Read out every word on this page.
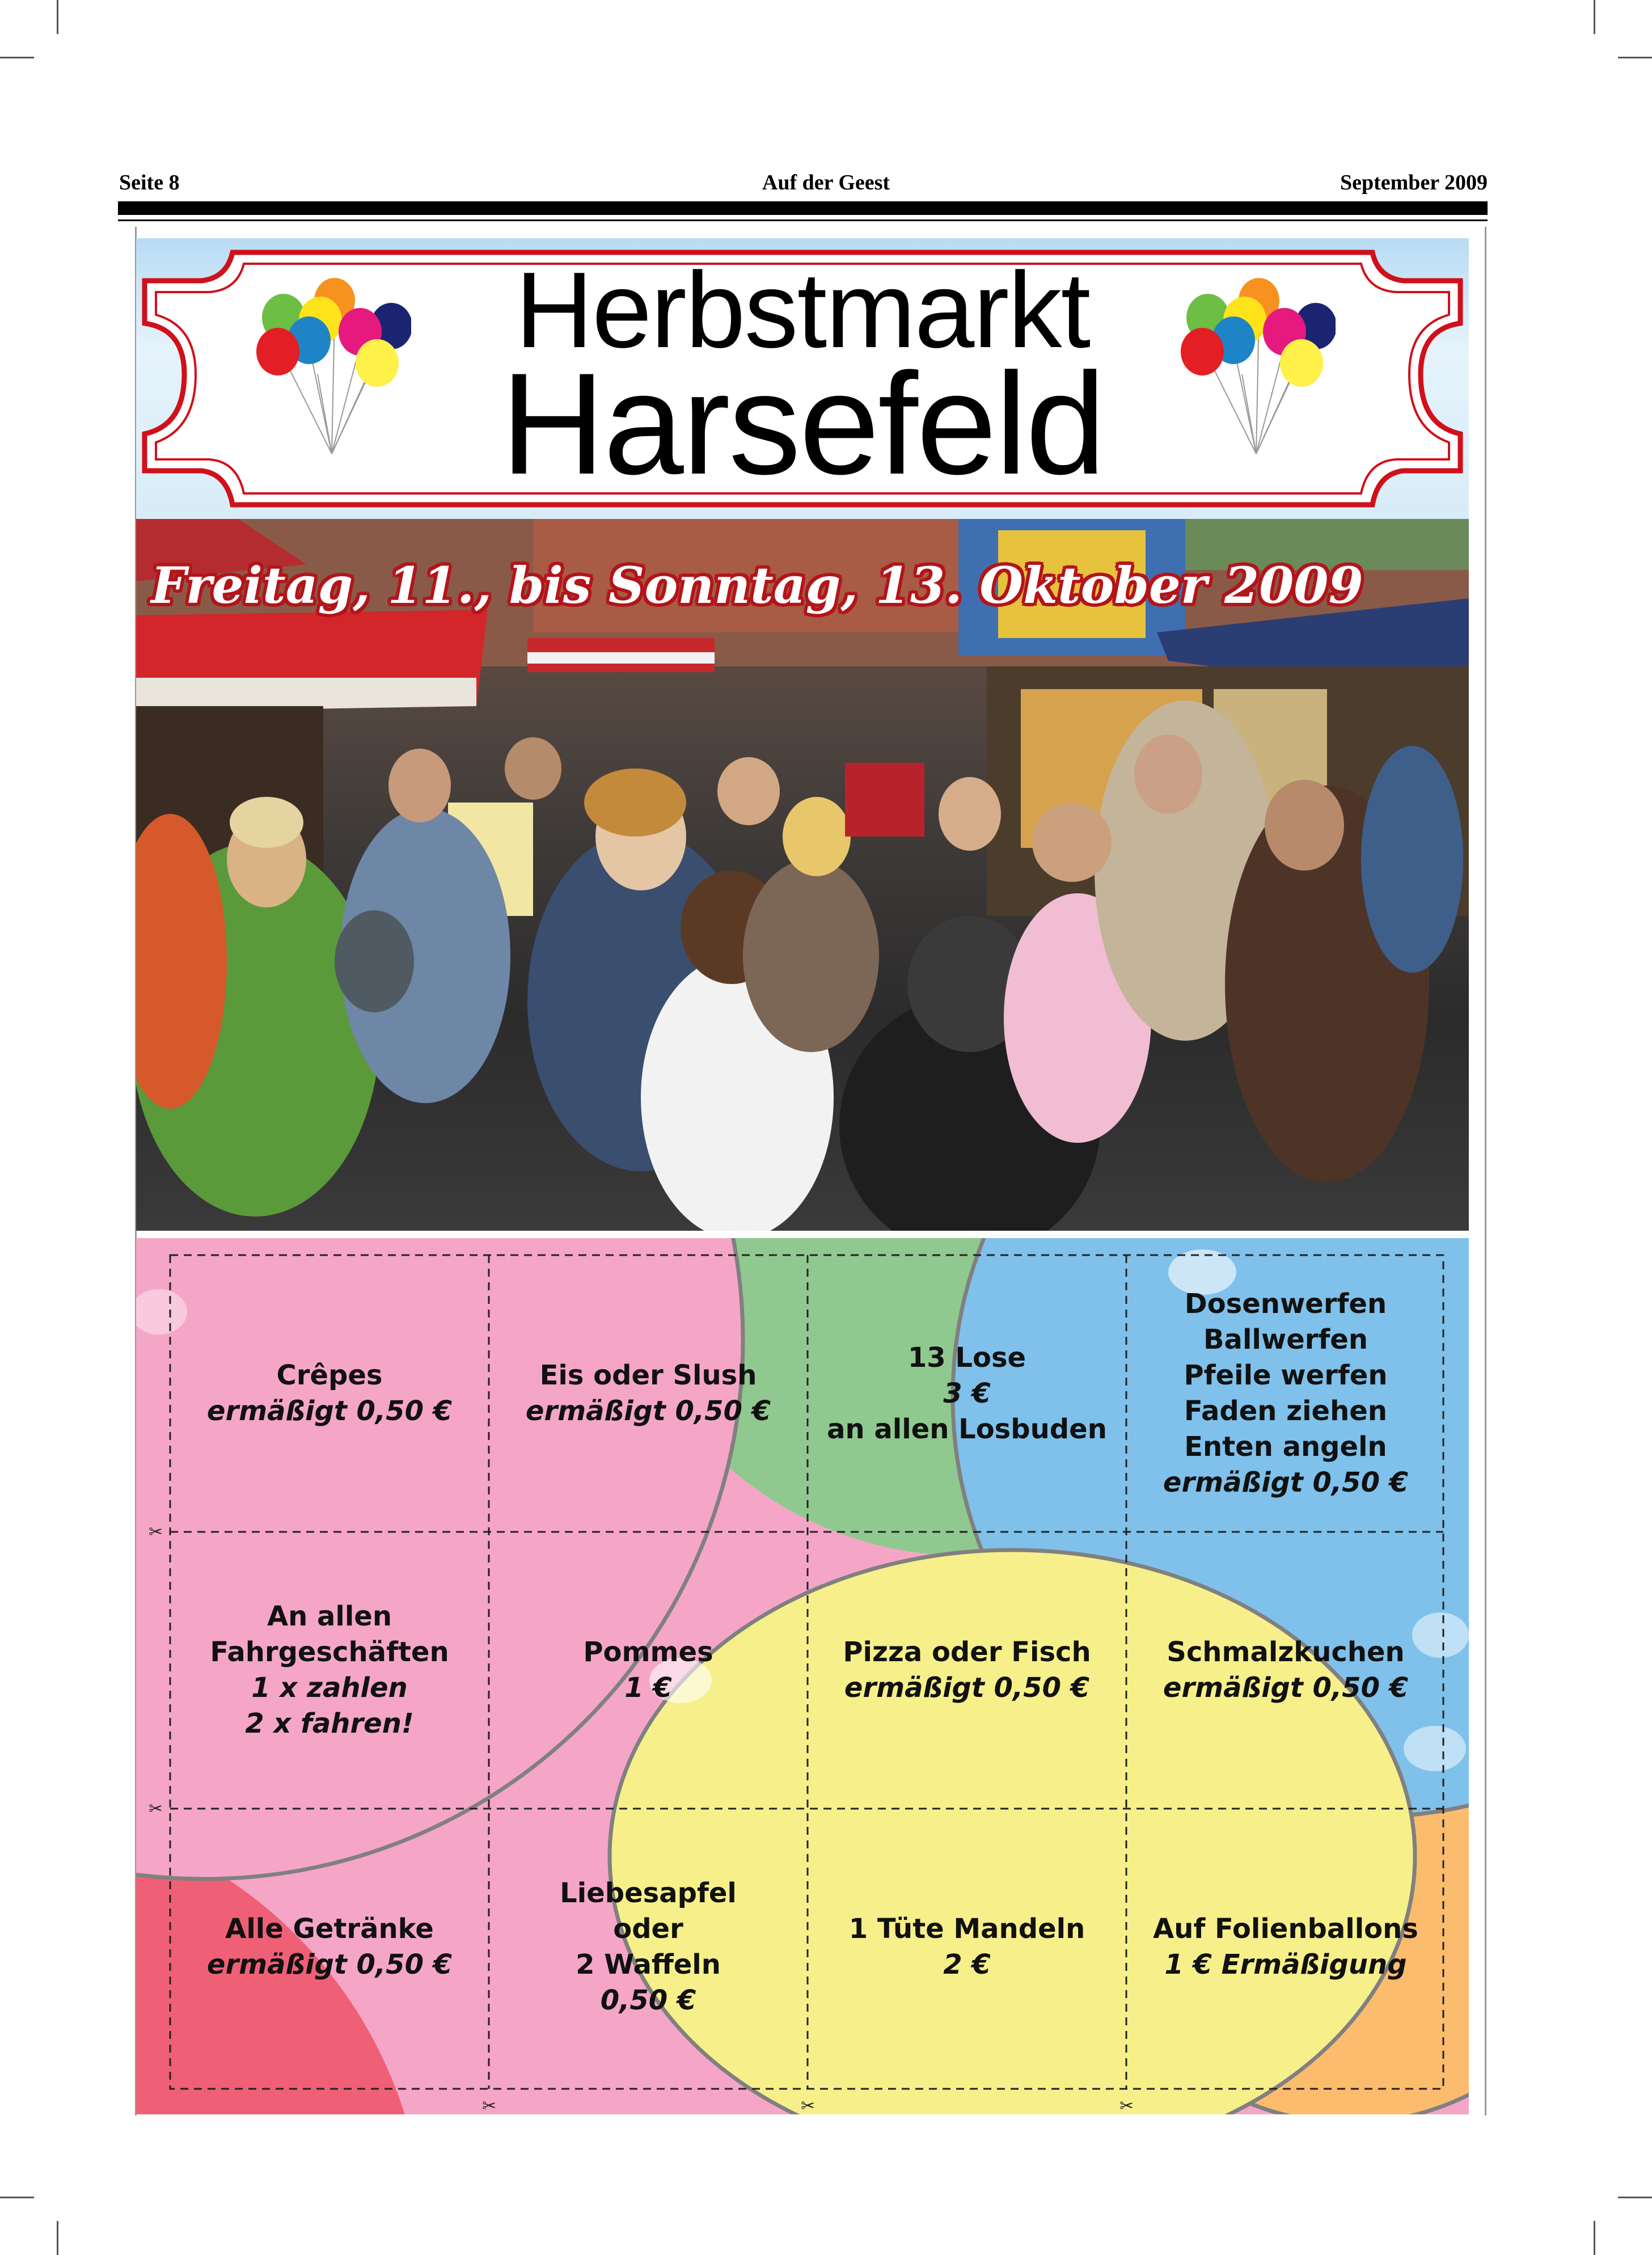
Seite 8	Auf der Geest	September 2009
Herbstmarkt
Harsefeld
Freitag, 11., bis Sonntag, 13. Oktober 2009
✂
✂
✂	✂	✂
Crêpes
ermäßigt 0,50 €
Eis oder Slush
ermäßigt 0,50 €
13 Lose
3 €
an allen Losbuden
Dosenwerfen
Ballwerfen
Pfeile werfen
Faden ziehen
Enten angeln
ermäßigt 0,50 €
An allen
Fahrgeschäften
1 x zahlen
2 x fahren!
Pommes
1 €
Pizza oder Fisch
ermäßigt 0,50 €
Schmalzkuchen
ermäßigt 0,50 €
Alle Getränke
ermäßigt 0,50 €
Liebesapfel
oder
2 Waffeln
0,50 €
1 Tüte Mandeln
2 €
Auf Folienballons
1 € Ermäßigung
